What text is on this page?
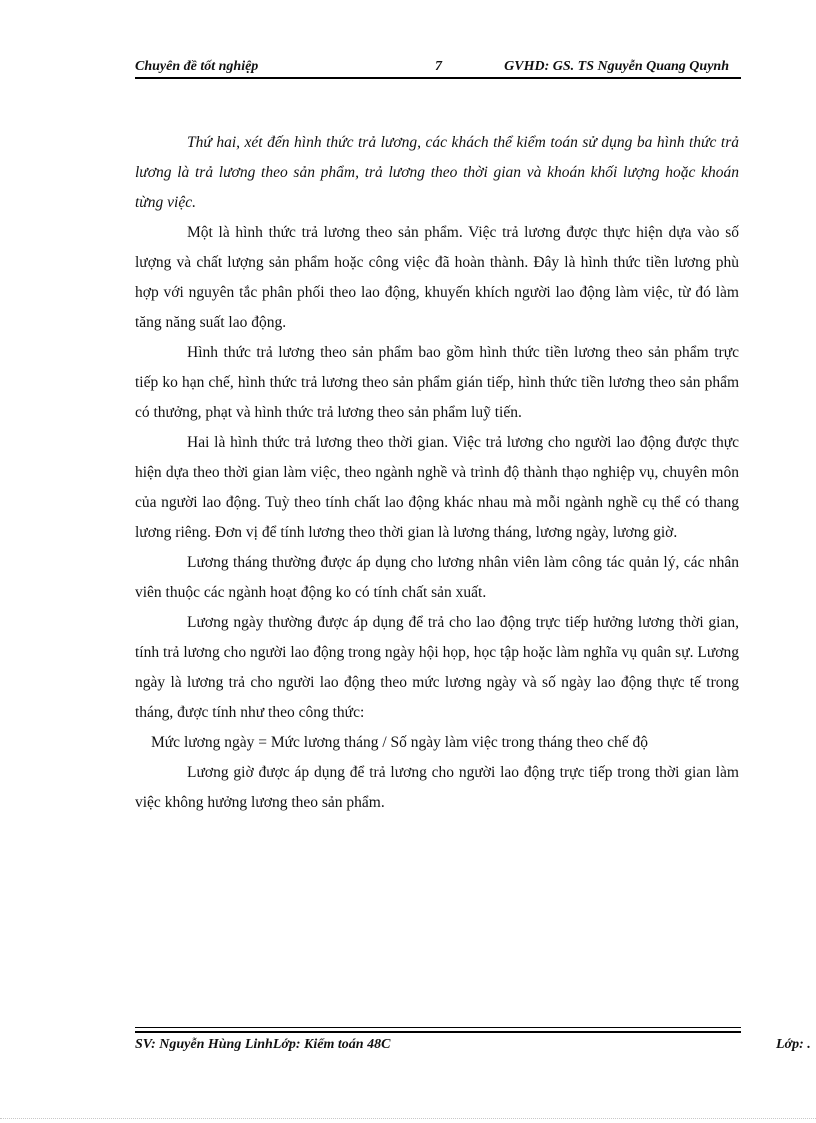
Chuyên đề tốt nghiệp	7	GVHD: GS. TS Nguyễn Quang Quynh

Thứ hai, xét đến hình thức trả lương, các khách thể kiểm toán sử dụng ba hình thức trả lương là trả lương theo sản phẩm, trả lương theo thời gian và khoán khối lượng hoặc khoán từng việc.

Một là hình thức trả lương theo sản phẩm. Việc trả lương được thực hiện dựa vào số lượng và chất lượng sản phẩm hoặc công việc đã hoàn thành. Đây là hình thức tiền lương phù hợp với nguyên tắc phân phối theo lao động, khuyến khích người lao động làm việc, từ đó làm tăng năng suất lao động.

Hình thức trả lương theo sản phẩm bao gồm hình thức tiền lương theo sản phẩm trực tiếp ko hạn chế, hình thức trả lương theo sản phẩm gián tiếp, hình thức tiền lương theo sản phẩm có thưởng, phạt và hình thức trả lương theo sản phẩm luỹ tiến.

Hai là hình thức trả lương theo thời gian. Việc trả lương cho người lao động được thực hiện dựa theo thời gian làm việc, theo ngành nghề và trình độ thành thạo nghiệp vụ, chuyên môn của người lao động. Tuỳ theo tính chất lao động khác nhau mà mỗi ngành nghề cụ thể có thang lương riêng. Đơn vị để tính lương theo thời gian là lương tháng, lương ngày, lương giờ.

Lương tháng thường được áp dụng cho lương nhân viên làm công tác quản lý, các nhân viên thuộc các ngành hoạt động ko có tính chất sản xuất.

Lương ngày thường được áp dụng để trả cho lao động trực tiếp hưởng lương thời gian, tính trả lương cho người lao động trong ngày hội họp, học tập hoặc làm nghĩa vụ quân sự. Lương ngày là lương trả cho người lao động theo mức lương ngày và số ngày lao động thực tế trong tháng, được tính như theo công thức:

Mức lương ngày = Mức lương tháng / Số ngày làm việc trong tháng theo chế độ

Lương giờ được áp dụng để trả lương cho người lao động trực tiếp trong thời gian làm việc không hưởng lương theo sản phẩm.

SV: Nguyễn Hùng LinhLớp: Kiểm toán 48C	Lớp: .
